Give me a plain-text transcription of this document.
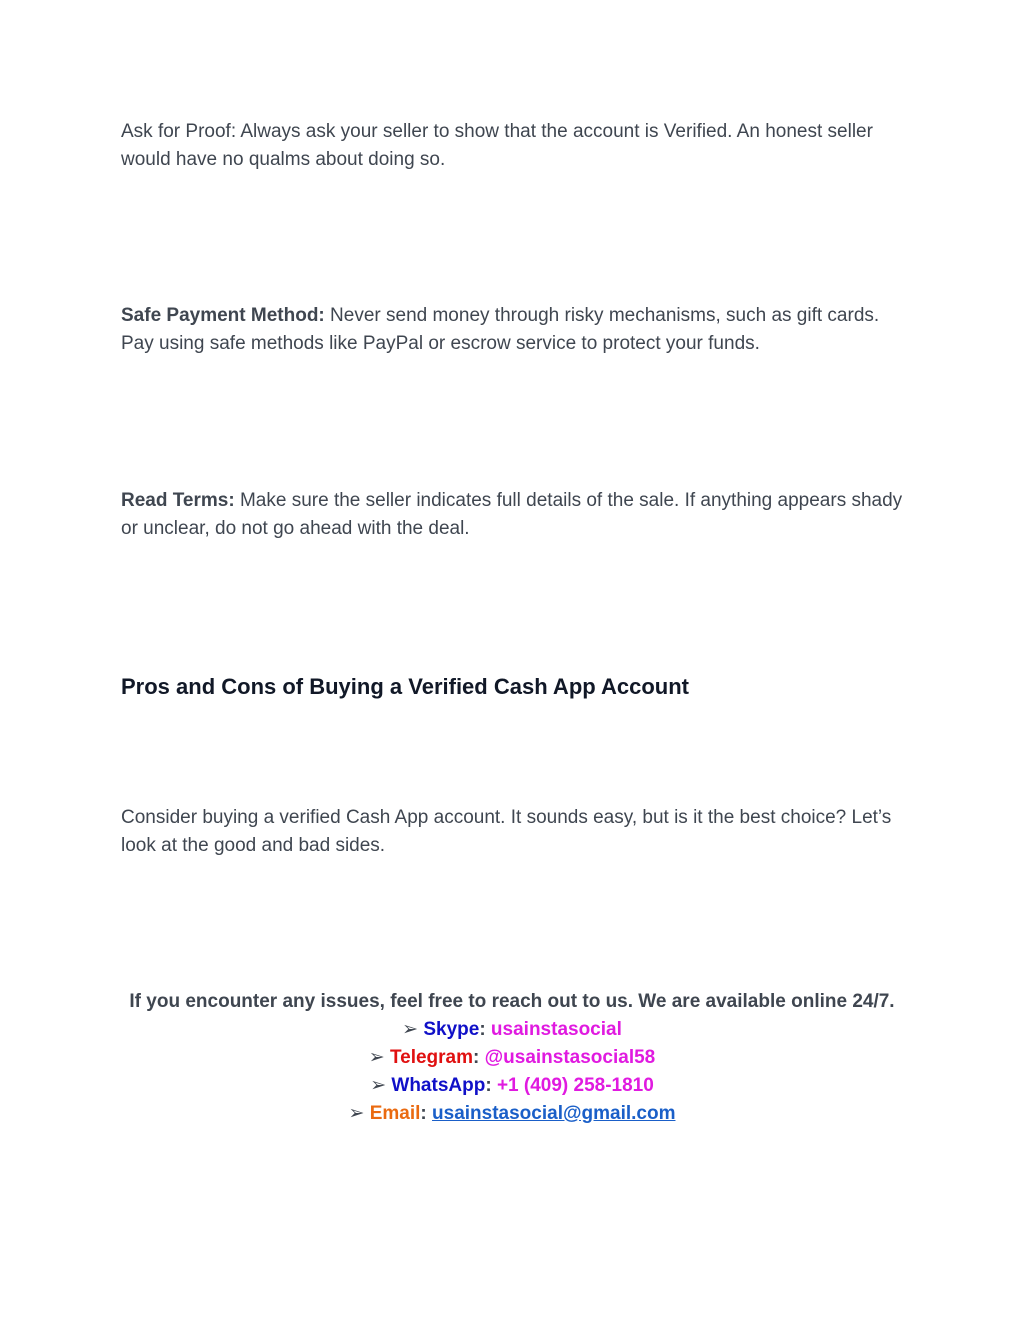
Ask for Proof: Always ask your seller to show that the account is Verified. An honest seller would have no qualms about doing so.

Safe Payment Method: Never send money through risky mechanisms, such as gift cards. Pay using safe methods like PayPal or escrow service to protect your funds.

Read Terms: Make sure the seller indicates full details of the sale. If anything appears shady or unclear, do not go ahead with the deal.

Pros and Cons of Buying a Verified Cash App Account

Consider buying a verified Cash App account. It sounds easy, but is it the best choice? Let’s look at the good and bad sides.

If you encounter any issues, feel free to reach out to us. We are available online 24/7.
➢ Skype: usainstasocial
➢ Telegram: @usainstasocial58
➢ WhatsApp: +1 (409) 258-1810
➢ Email: usainstasocial@gmail.com
